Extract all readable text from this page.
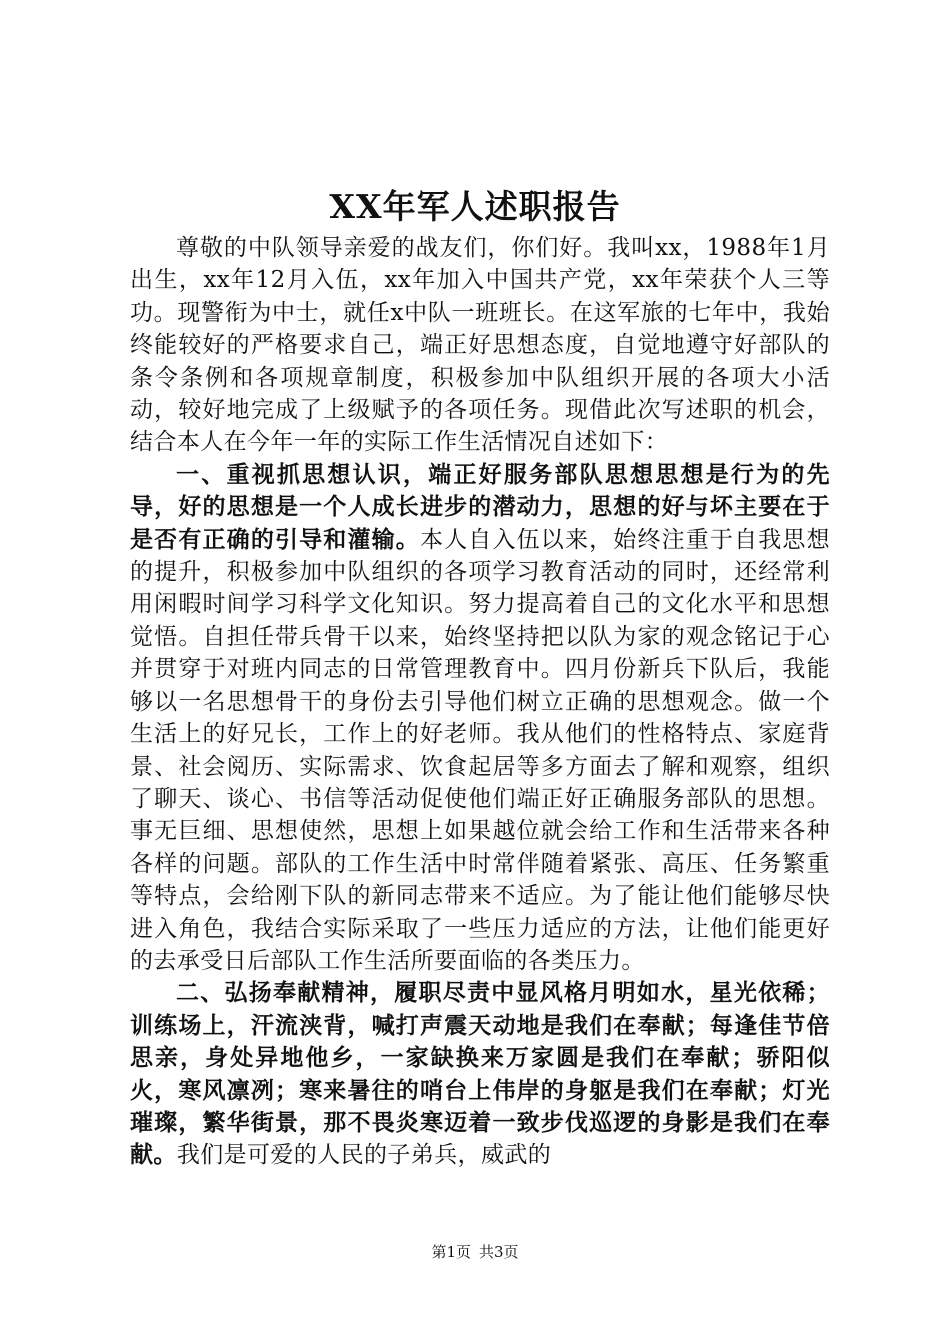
XX年军人述职报告

尊敬的中队领导亲爱的战友们，你们好。我叫xx，1988年1月出生，xx年12月入伍，xx年加入中国共产党，xx年荣获个人三等功。现警衔为中士，就任x中队一班班长。在这军旅的七年中，我始终能较好的严格要求自己，端正好思想态度，自觉地遵守好部队的条令条例和各项规章制度，积极参加中队组织开展的各项大小活动，较好地完成了上级赋予的各项任务。现借此次写述职的机会，结合本人在今年一年的实际工作生活情况自述如下：

一、重视抓思想认识，端正好服务部队思想思想是行为的先导，好的思想是一个人成长进步的潜动力，思想的好与坏主要在于是否有正确的引导和灌输。本人自入伍以来，始终注重于自我思想的提升，积极参加中队组织的各项学习教育活动的同时，还经常利用闲暇时间学习科学文化知识。努力提高着自己的文化水平和思想觉悟。自担任带兵骨干以来，始终坚持把以队为家的观念铭记于心并贯穿于对班内同志的日常管理教育中。四月份新兵下队后，我能够以一名思想骨干的身份去引导他们树立正确的思想观念。做一个生活上的好兄长，工作上的好老师。我从他们的性格特点、家庭背景、社会阅历、实际需求、饮食起居等多方面去了解和观察，组织了聊天、谈心、书信等活动促使他们端正好正确服务部队的思想。事无巨细、思想使然，思想上如果越位就会给工作和生活带来各种各样的问题。部队的工作生活中时常伴随着紧张、高压、任务繁重等特点，会给刚下队的新同志带来不适应。为了能让他们能够尽快进入角色，我结合实际采取了一些压力适应的方法，让他们能更好的去承受日后部队工作生活所要面临的各类压力。

二、弘扬奉献精神，履职尽责中显风格月明如水，星光依稀；训练场上，汗流浃背，喊打声震天动地是我们在奉献；每逢佳节倍思亲，身处异地他乡，一家缺换来万家圆是我们在奉献；骄阳似火，寒风凛冽；寒来暑往的哨台上伟岸的身躯是我们在奉献；灯光璀璨，繁华街景，那不畏炎寒迈着一致步伐巡逻的身影是我们在奉献。我们是可爱的人民的子弟兵，威武的

第1页 共3页
